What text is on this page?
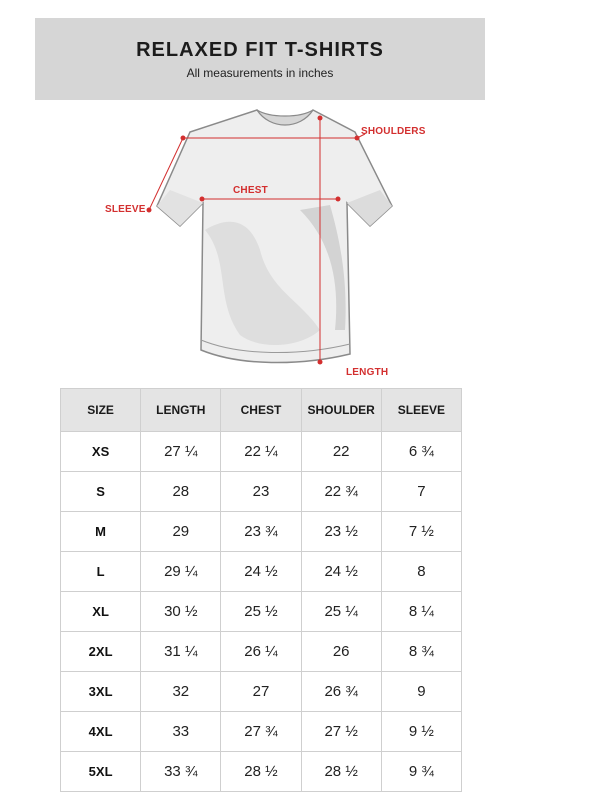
RELAXED FIT T-SHIRTS
All measurements in inches
SHOULDERS
CHEST
SLEEVE
LENGTH
SIZE	LENGTH	CHEST	SHOULDER	SLEEVE
XS	27 ¼	22 ¼	22	6 ¾
S	28	23	22 ¾	7
M	29	23 ¾	23 ½	7 ½
L	29 ¼	24 ½	24 ½	8
XL	30 ½	25 ½	25 ¼	8 ¼
2XL	31 ¼	26 ¼	26	8 ¾
3XL	32	27	26 ¾	9
4XL	33	27 ¾	27 ½	9 ½
5XL	33 ¾	28 ½	28 ½	9 ¾
